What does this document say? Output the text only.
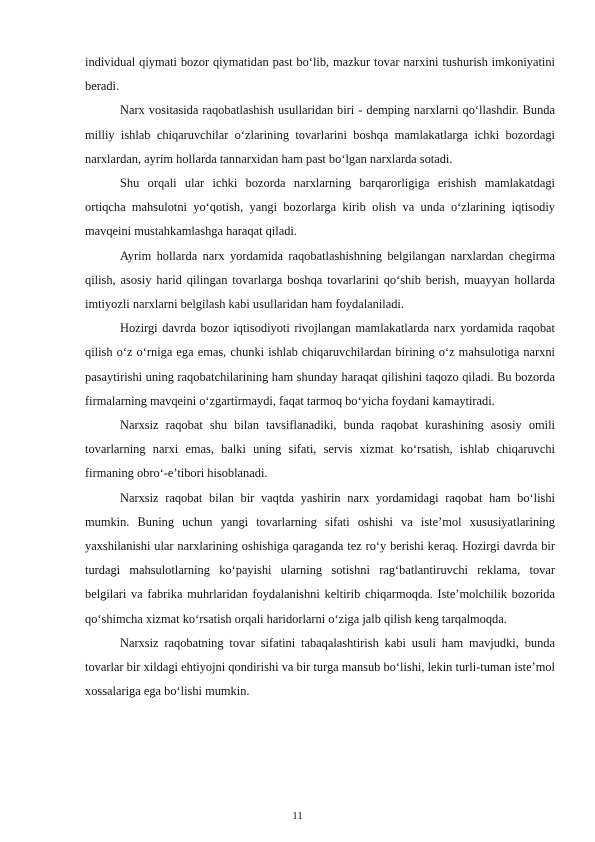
individual qiymati bozor qiymatidan past bo‘lib, mazkur tovar narxini tushurish imkoniyatini beradi.

Narx vositasida raqobatlashish usullaridan biri - demping narxlarni qo‘llashdir. Bunda milliy ishlab chiqaruvchilar o‘zlarining tovarlarini boshqa mamlakatlarga ichki bozordagi narxlardan, ayrim hollarda tannarxidan ham past bo‘lgan narxlarda sotadi.

Shu orqali ular ichki bozorda narxlarning barqarorligiga erishish mamlakatdagi ortiqcha mahsulotni yo‘qotish, yangi bozorlarga kirib olish va unda o‘zlarining iqtisodiy mavqeini mustahkamlashga haraqat qiladi.

Ayrim hollarda narx yordamida raqobatlashishning belgilangan narxlardan chegirma qilish, asosiy harid qilingan tovarlarga boshqa tovarlarini qo‘shib berish, muayyan hollarda imtiyozli narxlarni belgilash kabi usullaridan ham foydalaniladi.

Hozirgi davrda bozor iqtisodiyoti rivojlangan mamlakatlarda narx yordamida raqobat qilish o‘z o‘rniga ega emas, chunki ishlab chiqaruvchilardan birining o‘z mahsulotiga narxni pasaytirishi uning raqobatchilarining ham shunday haraqat qilishini taqozo qiladi. Bu bozorda firmalarning mavqeini o‘zgartirmaydi, faqat tarmoq bo‘yicha foydani kamaytiradi.

Narxsiz raqobat shu bilan tavsiflanadiki, bunda raqobat kurashining asosiy omili tovarlarning narxi emas, balki uning sifati, servis xizmat ko‘rsatish, ishlab chiqaruvchi firmaning obro‘-e’tibori hisoblanadi.

Narxsiz raqobat bilan bir vaqtda yashirin narx yordamidagi raqobat ham bo‘lishi mumkin. Buning uchun yangi tovarlarning sifati oshishi va iste’mol xususiyatlarining yaxshilanishi ular narxlarining oshishiga qaraganda tez ro‘y berishi keraq. Hozirgi davrda bir turdagi mahsulotlarning ko‘payishi ularning sotishni rag‘batlantiruvchi reklama, tovar belgilari va fabrika muhrlaridan foydalanishni keltirib chiqarmoqda. Iste’molchilik bozorida qo‘shimcha xizmat ko‘rsatish orqali haridorlarni o‘ziga jalb qilish keng tarqalmoqda.

Narxsiz raqobatning tovar sifatini tabaqalashtirish kabi usuli ham mavjudki, bunda tovarlar bir xildagi ehtiyojni qondirishi va bir turga mansub bo‘lishi, lekin turli-tuman iste’mol xossalariga ega bo‘lishi mumkin.

11
